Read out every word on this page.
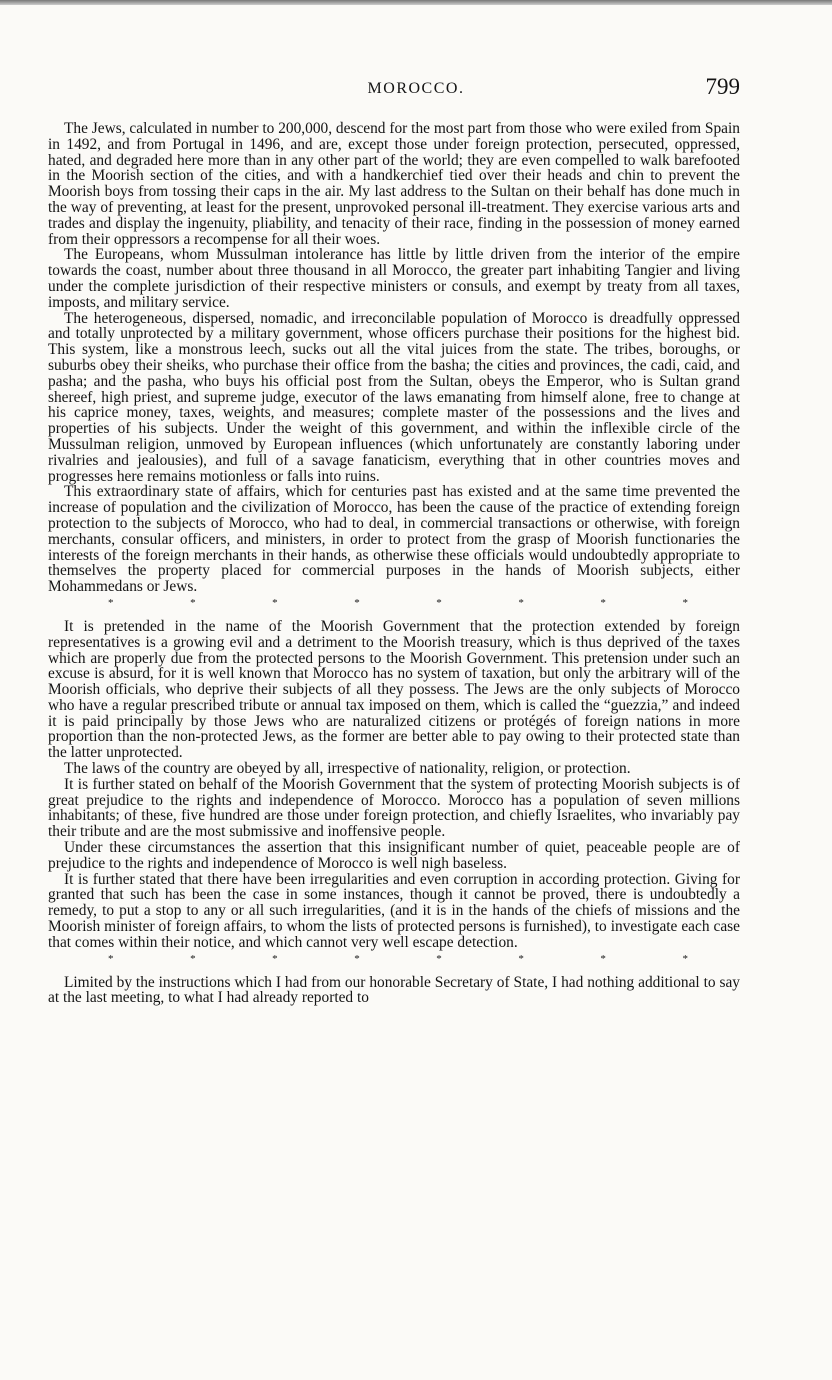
MOROCCO.	799

The Jews, calculated in number to 200,000, descend for the most part from those who were exiled from Spain in 1492, and from Portugal in 1496, and are, except those under foreign protection, persecuted, oppressed, hated, and degraded here more than in any other part of the world; they are even compelled to walk barefooted in the Moorish section of the cities, and with a handkerchief tied over their heads and chin to prevent the Moorish boys from tossing their caps in the air. My last address to the Sultan on their behalf has done much in the way of preventing, at least for the present, unprovoked personal ill-treatment. They exercise various arts and trades and display the ingenuity, pliability, and tenacity of their race, finding in the possession of money earned from their oppressors a recompense for all their woes.

The Europeans, whom Mussulman intolerance has little by little driven from the interior of the empire towards the coast, number about three thousand in all Morocco, the greater part inhabiting Tangier and living under the complete jurisdiction of their respective ministers or consuls, and exempt by treaty from all taxes, imposts, and military service.

The heterogeneous, dispersed, nomadic, and irreconcilable population of Morocco is dreadfully oppressed and totally unprotected by a military government, whose officers purchase their positions for the highest bid. This system, like a monstrous leech, sucks out all the vital juices from the state. The tribes, boroughs, or suburbs obey their sheiks, who purchase their office from the basha; the cities and provinces, the cadi, caid, and pasha; and the pasha, who buys his official post from the Sultan, obeys the Emperor, who is Sultan grand shereef, high priest, and supreme judge, executor of the laws emanating from himself alone, free to change at his caprice money, taxes, weights, and measures; complete master of the possessions and the lives and properties of his subjects. Under the weight of this government, and within the inflexible circle of the Mussulman religion, unmoved by European influences (which unfortunately are constantly laboring under rivalries and jealousies), and full of a savage fanaticism, everything that in other countries moves and progresses here remains motionless or falls into ruins.

This extraordinary state of affairs, which for centuries past has existed and at the same time prevented the increase of population and the civilization of Morocco, has been the cause of the practice of extending foreign protection to the subjects of Morocco, who had to deal, in commercial transactions or otherwise, with foreign merchants, consular officers, and ministers, in order to protect from the grasp of Moorish functionaries the interests of the foreign merchants in their hands, as otherwise these officials would undoubtedly appropriate to themselves the property placed for commercial purposes in the hands of Moorish subjects, either Mohammedans or Jews.

*	*	*	*	*	*	*	*

It is pretended in the name of the Moorish Government that the protection extended by foreign representatives is a growing evil and a detriment to the Moorish treasury, which is thus deprived of the taxes which are properly due from the protected persons to the Moorish Government. This pretension under such an excuse is absurd, for it is well known that Morocco has no system of taxation, but only the arbitrary will of the Moorish officials, who deprive their subjects of all they possess. The Jews are the only subjects of Morocco who have a regular prescribed tribute or annual tax imposed on them, which is called the “guezzia,” and indeed it is paid principally by those Jews who are naturalized citizens or protégés of foreign nations in more proportion than the non-protected Jews, as the former are better able to pay owing to their protected state than the latter unprotected.

The laws of the country are obeyed by all, irrespective of nationality, religion, or protection.

It is further stated on behalf of the Moorish Government that the system of protecting Moorish subjects is of great prejudice to the rights and independence of Morocco. Morocco has a population of seven millions inhabitants; of these, five hundred are those under foreign protection, and chiefly Israelites, who invariably pay their tribute and are the most submissive and inoffensive people.

Under these circumstances the assertion that this insignificant number of quiet, peaceable people are of prejudice to the rights and independence of Morocco is well nigh baseless.

It is further stated that there have been irregularities and even corruption in according protection. Giving for granted that such has been the case in some instances, though it cannot be proved, there is undoubtedly a remedy, to put a stop to any or all such irregularities, (and it is in the hands of the chiefs of missions and the Moorish minister of foreign affairs, to whom the lists of protected persons is furnished), to investigate each case that comes within their notice, and which cannot very well escape detection.

*	*	*	*	*	*	*	*

Limited by the instructions which I had from our honorable Secretary of State, I had nothing additional to say at the last meeting, to what I had already reported to
